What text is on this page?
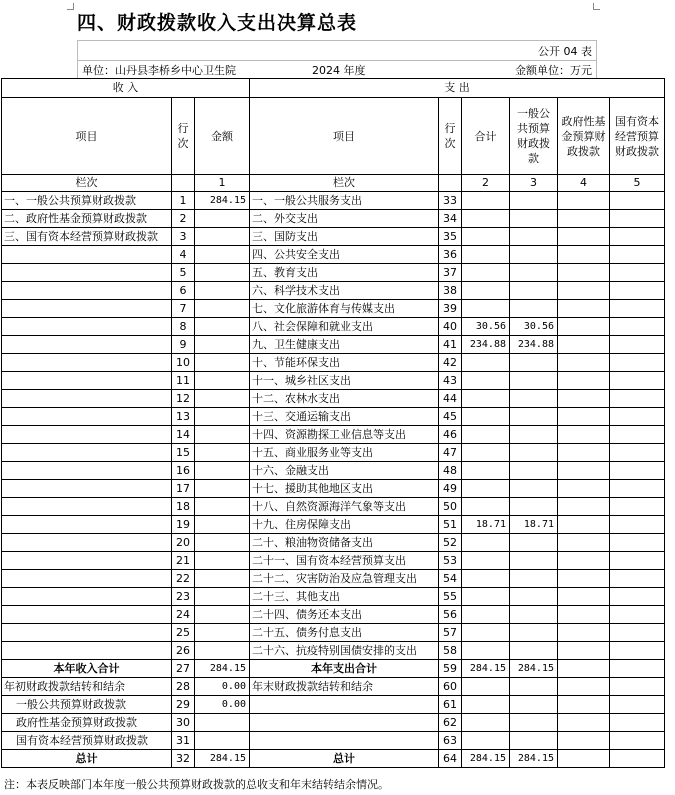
四、财政拨款收入支出决算总表
公开 04 表
单位：山丹县李桥乡中心卫生院	2024 年度	金额单位：万元
收 入			支 出					
项目	行次	金额	项目	行次	合计	一般公共预算财政拨款	政府性基金预算财政拨款	国有资本经营预算财政拨款
栏次		1	栏次		2	3	4	5
一、一般公共预算财政拨款	1	284.15	一、一般公共服务支出	33				
二、政府性基金预算财政拨款	2		二、外交支出	34				
三、国有资本经营预算财政拨款	3		三、国防支出	35				
	4		四、公共安全支出	36				
	5		五、教育支出	37				
	6		六、科学技术支出	38				
	7		七、文化旅游体育与传媒支出	39				
	8		八、社会保障和就业支出	40	30.56	30.56		
	9		九、卫生健康支出	41	234.88	234.88		
	10		十、节能环保支出	42				
	11		十一、城乡社区支出	43				
	12		十二、农林水支出	44				
	13		十三、交通运输支出	45				
	14		十四、资源勘探工业信息等支出	46				
	15		十五、商业服务业等支出	47				
	16		十六、金融支出	48				
	17		十七、援助其他地区支出	49				
	18		十八、自然资源海洋气象等支出	50				
	19		十九、住房保障支出	51	18.71	18.71		
	20		二十、粮油物资储备支出	52				
	21		二十一、国有资本经营预算支出	53				
	22		二十二、灾害防治及应急管理支出	54				
	23		二十三、其他支出	55				
	24		二十四、债务还本支出	56				
	25		二十五、债务付息支出	57				
	26		二十六、抗疫特别国债安排的支出	58				
本年收入合计	27	284.15	本年支出合计	59	284.15	284.15		
年初财政拨款结转和结余	28	0.00	年末财政拨款结转和结余	60				
一般公共预算财政拨款	29	0.00		61				
政府性基金预算财政拨款	30			62				
国有资本经营预算财政拨款	31			63				
总计	32	284.15	总计	64	284.15	284.15		
注：本表反映部门本年度一般公共预算财政拨款的总收支和年末结转结余情况。
